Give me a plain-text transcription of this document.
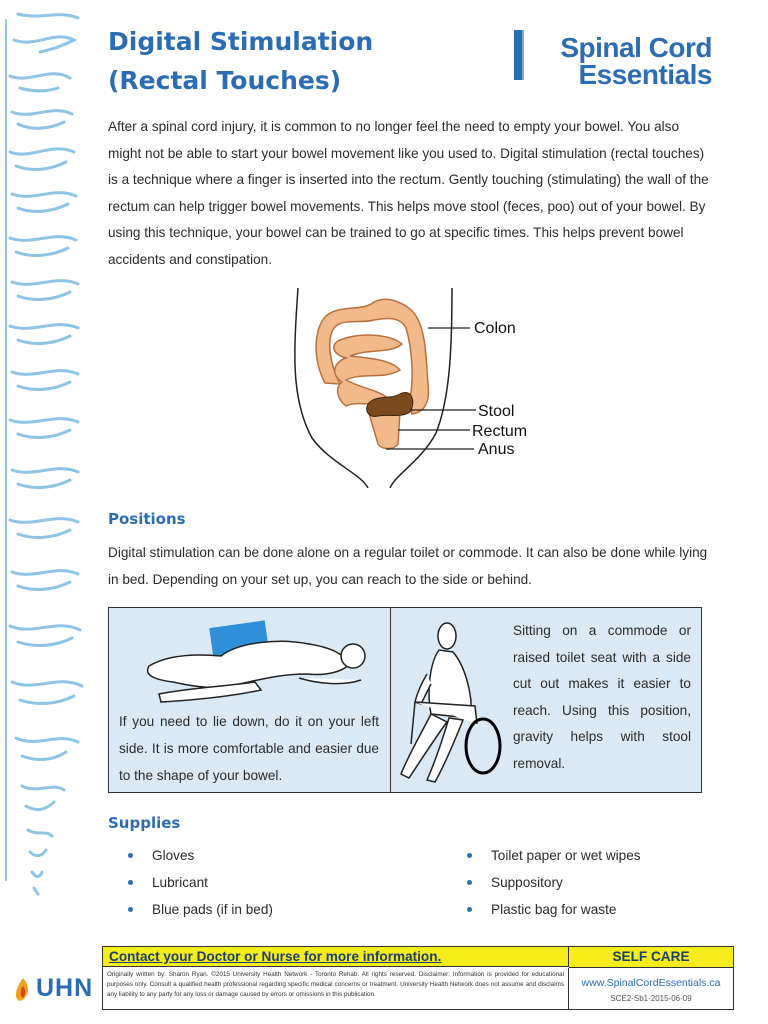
Digital Stimulation
(Rectal Touches)
Spinal Cord
Essentials

After a spinal cord injury, it is common to no longer feel the need to empty your bowel. You also might not be able to start your bowel movement like you used to. Digital stimulation (rectal touches) is a technique where a finger is inserted into the rectum. Gently touching (stimulating) the wall of the rectum can help trigger bowel movements. This helps move stool (feces, poo) out of your bowel. By using this technique, your bowel can be trained to go at specific times. This helps prevent bowel accidents and constipation.

Colon
Stool
Rectum
Anus
Positions

Digital stimulation can be done alone on a regular toilet or commode. It can also be done while lying in bed. Depending on your set up, you can reach to the side or behind.

If you need to lie down, do it on your left side. It is more comfortable and easier due to the shape of your bowel.

Sitting on a commode or raised toilet seat with a side cut out makes it easier to reach. Using this position, gravity helps with stool removal.

Supplies
Gloves
Lubricant
Blue pads (if in bed)
Toilet paper or wet wipes
Suppository
Plastic bag for waste
UHN
Contact your Doctor or Nurse for more information.	SELF CARE
Originally written by: Sharon Ryan. ©2015 University Health Network - Toronto Rehab. All rights reserved. Disclaimer: Information is provided for educational purposes only. Consult a qualified health professional regarding specific medical concerns or treatment. University Health Network does not assume and disclaims any liability to any party for any loss or damage caused by errors or omissions in this publication.
www.SpinalCordEssentials.ca
SCE2-Sb1-2015-06-09
